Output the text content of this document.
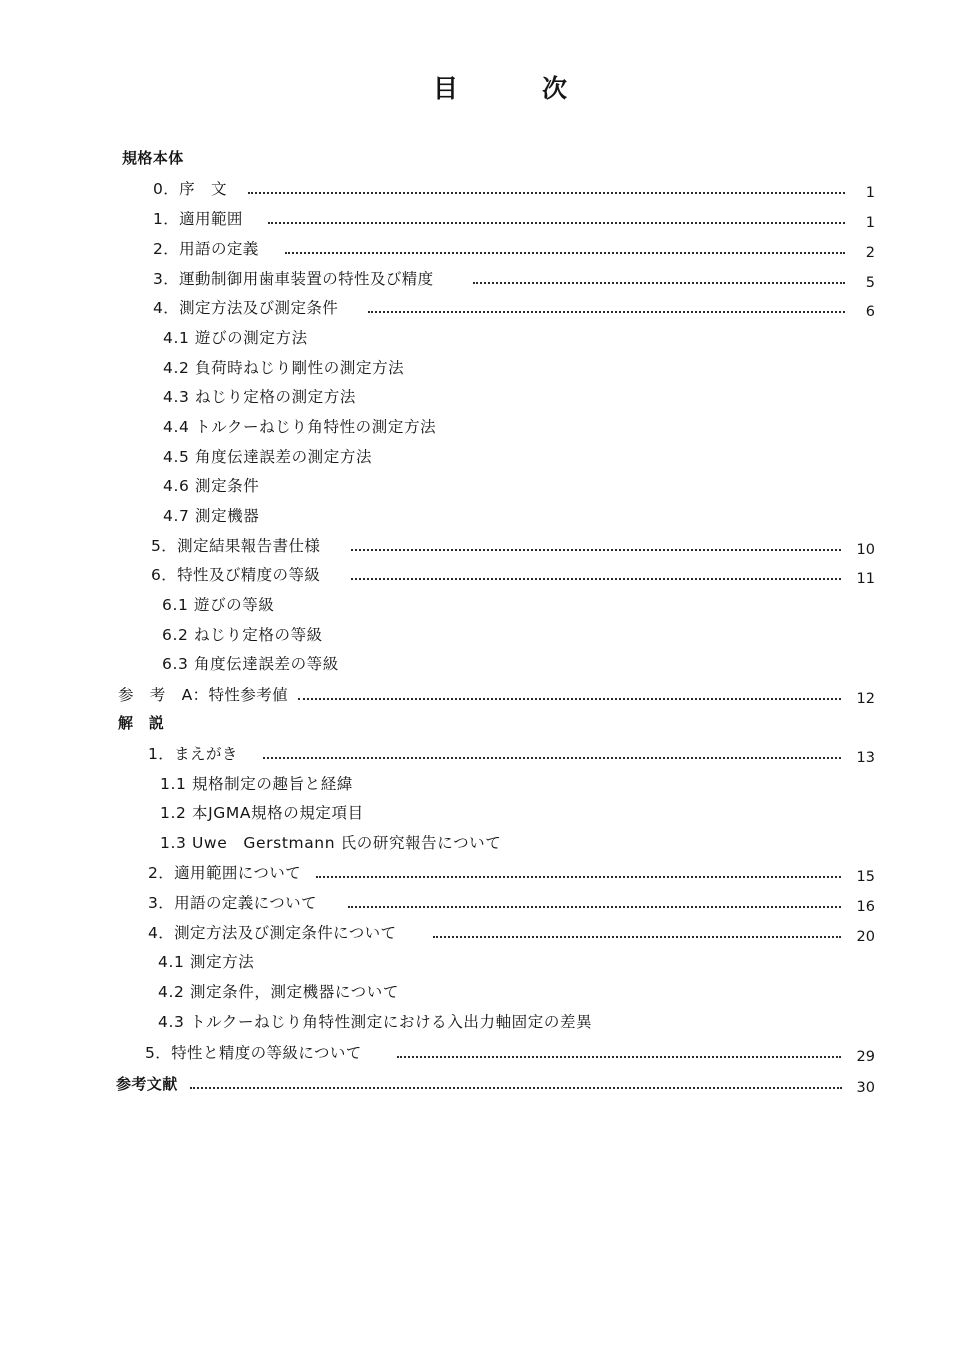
目	次
規格本体
0．序　文	1
1．適用範囲	1
2．用語の定義	2
3．運動制御用歯車装置の特性及び精度	5
4．測定方法及び測定条件	6
4.1 遊びの測定方法
4.2 負荷時ねじり剛性の測定方法
4.3 ねじり定格の測定方法
4.4 トルクーねじり角特性の測定方法
4.5 角度伝達誤差の測定方法
4.6 測定条件
4.7 測定機器
5．測定結果報告書仕様	10
6．特性及び精度の等級	11
6.1 遊びの等級
6.2 ねじり定格の等級
6.3 角度伝達誤差の等級
参　考　A：特性参考値	12
解　説
1．まえがき	13
1.1 規格制定の趣旨と経緯
1.2 本JGMA規格の規定項目
1.3 Uwe　Gerstmann 氏の研究報告について
2．適用範囲について	15
3．用語の定義について	16
4．測定方法及び測定条件について	20
4.1 測定方法
4.2 測定条件，測定機器について
4.3 トルクーねじり角特性測定における入出力軸固定の差異
5．特性と精度の等級について	29
参考文献	30
